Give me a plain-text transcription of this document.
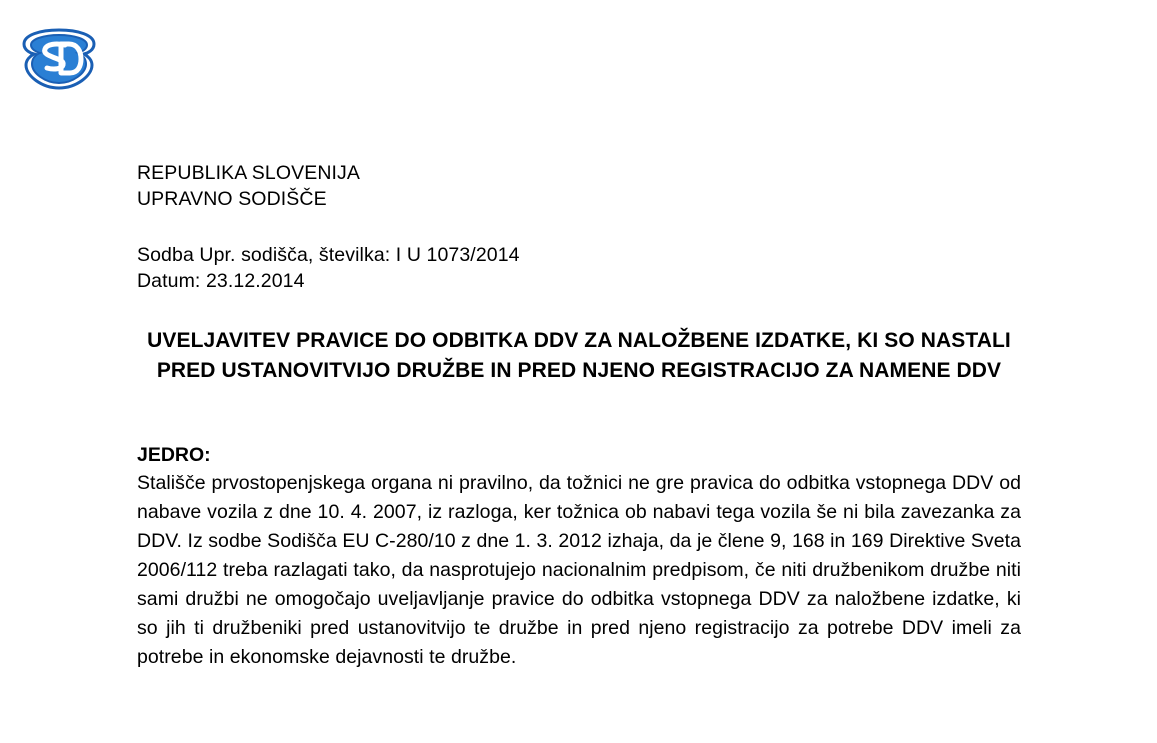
REPUBLIKA SLOVENIJA
UPRAVNO SODIŠČE
Sodba Upr. sodišča, številka: I U 1073/2014
Datum: 23.12.2014
UVELJAVITEV PRAVICE DO ODBITKA DDV ZA NALOŽBENE IZDATKE, KI SO NASTALI PRED USTANOVITVIJO DRUŽBE IN PRED NJENO REGISTRACIJO ZA NAMENE DDV
JEDRO:
Stališče prvostopenjskega organa ni pravilno, da tožnici ne gre pravica do odbitka vstopnega DDV od nabave vozila z dne 10. 4. 2007, iz razloga, ker tožnica ob nabavi tega vozila še ni bila zavezanka za DDV. Iz sodbe Sodišča EU C-280/10 z dne 1. 3. 2012 izhaja, da je člene 9, 168 in 169 Direktive Sveta 2006/112 treba razlagati tako, da nasprotujejo nacionalnim predpisom, če niti družbenikom družbe niti sami družbi ne omogočajo uveljavljanje pravice do odbitka vstopnega DDV za naložbene izdatke, ki so jih ti družbeniki pred ustanovitvijo te družbe in pred njeno registracijo za potrebe DDV imeli za potrebe in ekonomske dejavnosti te družbe.
